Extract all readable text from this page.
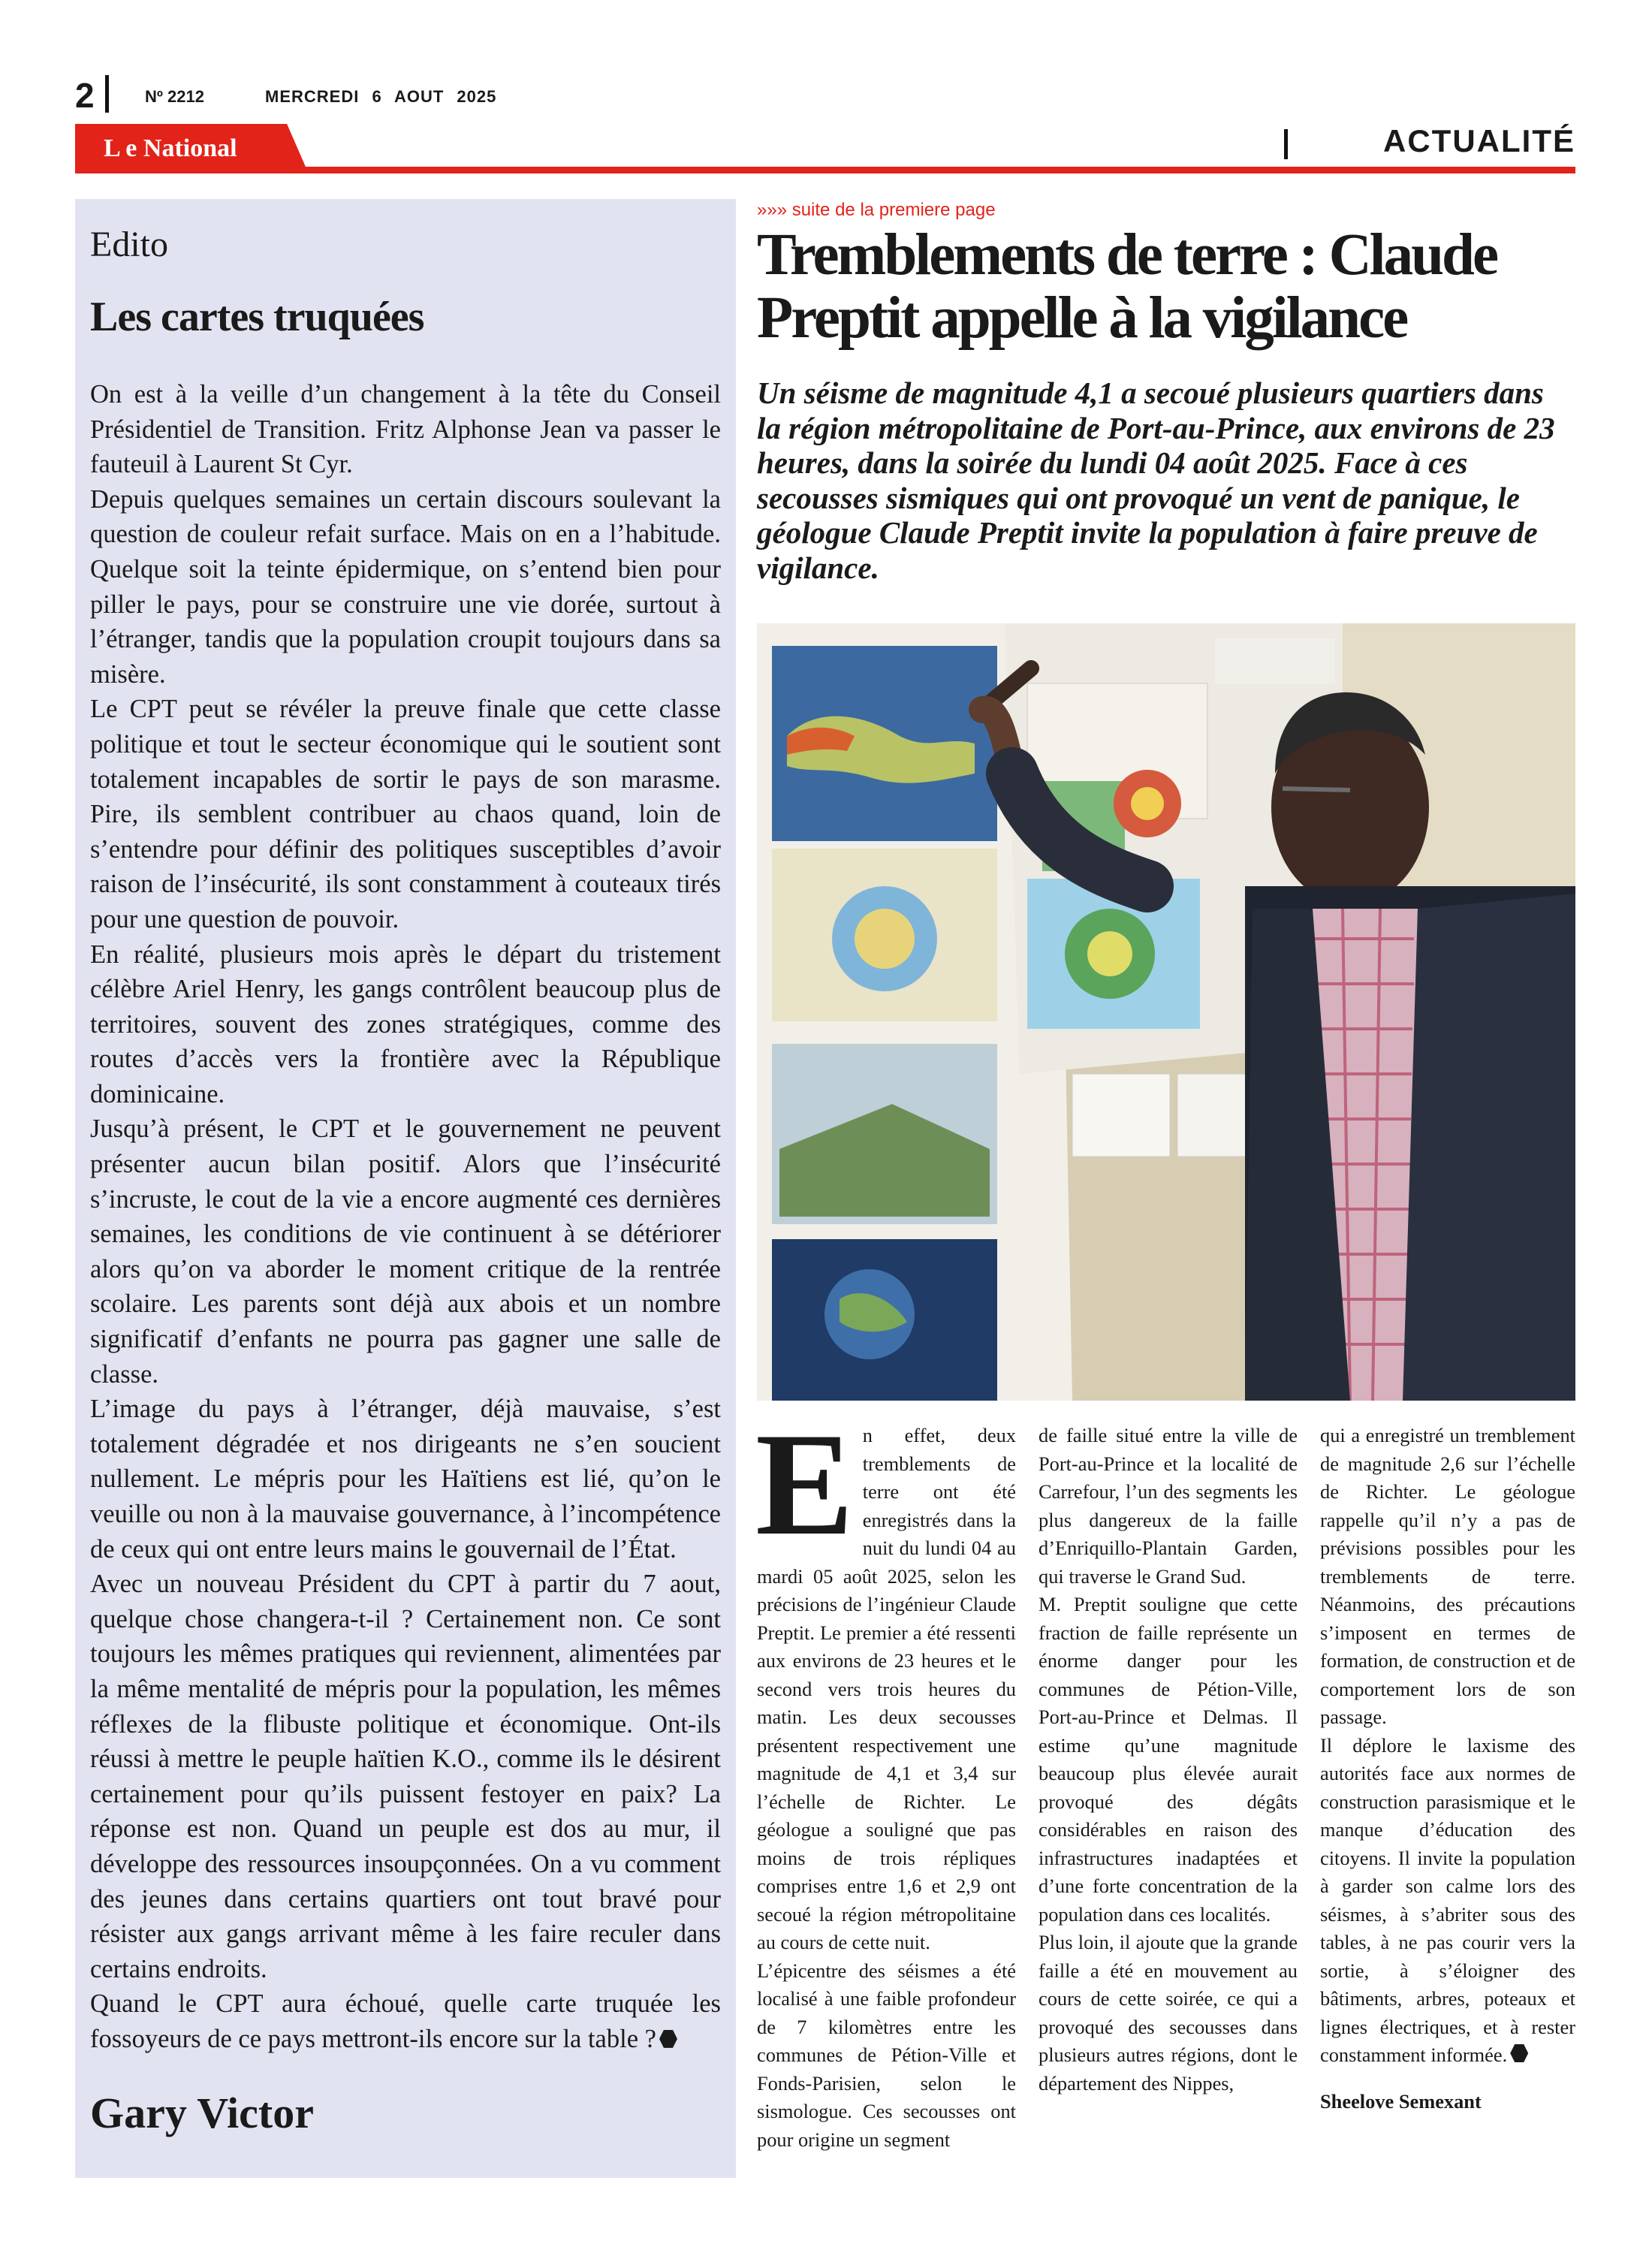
2	Nº 2212	MERCREDI 6 AOUT 2025
L e National	ACTUALITÉ
Edito
Les cartes truquées

On est à la veille d’un changement à la tête du Conseil Présidentiel de Transition. Fritz Alphonse Jean va passer le fauteuil à Laurent St Cyr.

Depuis quelques semaines un certain discours soulevant la question de couleur refait surface. Mais on en a l’habitude. Quelque soit la teinte épidermique, on s’entend bien pour piller le pays, pour se construire une vie dorée, surtout à l’étranger, tandis que la population croupit toujours dans sa misère.

Le CPT peut se révéler la preuve finale que cette classe politique et tout le secteur économique qui le soutient sont totalement incapables de sortir le pays de son marasme. Pire, ils semblent contribuer au chaos quand, loin de s’entendre pour définir des politiques susceptibles d’avoir raison de l’insécurité, ils sont constamment à couteaux tirés pour une question de pouvoir.

En réalité, plusieurs mois après le départ du tristement célèbre Ariel Henry, les gangs contrôlent beaucoup plus de territoires, souvent des zones stratégiques, comme des routes d’accès vers la frontière avec la République dominicaine.

Jusqu’à présent, le CPT et le gouvernement ne peuvent présenter aucun bilan positif. Alors que l’insécurité s’incruste, le cout de la vie a encore augmenté ces dernières semaines, les conditions de vie continuent à se détériorer alors qu’on va aborder le moment critique de la rentrée scolaire. Les parents sont déjà aux abois et un nombre significatif d’enfants ne pourra pas gagner une salle de classe.

L’image du pays à l’étranger, déjà mauvaise, s’est totalement dégradée et nos dirigeants ne s’en soucient nullement. Le mépris pour les Haïtiens est lié, qu’on le veuille ou non à la mauvaise gouvernance, à l’incompétence de ceux qui ont entre leurs mains le gouvernail de l’État.

Avec un nouveau Président du CPT à partir du 7 aout, quelque chose changera-t-il ? Certainement non. Ce sont toujours les mêmes pratiques qui reviennent, alimentées par la même mentalité de mépris pour la population, les mêmes réflexes de la flibuste politique et économique. Ont-ils réussi à mettre le peuple haïtien K.O., comme ils le désirent certainement pour qu’ils puissent festoyer en paix? La réponse est non. Quand un peuple est dos au mur, il développe des ressources insoupçonnées. On a vu comment des jeunes dans certains quartiers ont tout bravé pour résister aux gangs arrivant même à les faire reculer dans certains endroits.

Quand le CPT aura échoué, quelle carte truquée les fossoyeurs de ce pays mettront-ils encore sur la table ?

Gary Victor
»»» suite de la premiere page
Tremblements de terre : Claude Preptit appelle à la vigilance
Un séisme de magnitude 4,1 a secoué plusieurs quartiers dans la région métropolitaine de Port-au-Prince, aux environs de 23 heures, dans la soirée du lundi 04 août 2025. Face à ces secousses sismiques qui ont provoqué un vent de panique, le géologue Claude Preptit invite la population à faire preuve de vigilance.
E n effet, deux tremblements de terre ont été enregistrés dans la nuit du lundi 04 au mardi 05 août 2025, selon les précisions de l’ingénieur Claude Preptit. Le premier a été ressenti aux environs de 23 heures et le second vers trois heures du matin. Les deux secousses présentent respectivement une magnitude de 4,1 et 3,4 sur l’échelle de Richter. Le géologue a souligné que pas moins de trois répliques comprises entre 1,6 et 2,9 ont secoué la région métropolitaine au cours de cette nuit.

L’épicentre des séismes a été localisé à une faible profondeur de 7 kilomètres entre les communes de Pétion-Ville et Fonds-Parisien, selon le sismologue. Ces secousses ont pour origine un segment

de faille situé entre la ville de Port-au-Prince et la localité de Carrefour, l’un des segments les plus dangereux de la faille d’Enriquillo-Plantain Garden, qui traverse le Grand Sud.

M. Preptit souligne que cette fraction de faille représente un énorme danger pour les communes de Pétion-Ville, Port-au-Prince et Delmas. Il estime qu’une magnitude beaucoup plus élevée aurait provoqué des dégâts considérables en raison des infrastructures inadaptées et d’une forte concentration de la population dans ces localités.

Plus loin, il ajoute que la grande faille a été en mouvement au cours de cette soirée, ce qui a provoqué des secousses dans plusieurs autres régions, dont le département des Nippes,

qui a enregistré un tremblement de magnitude 2,6 sur l’échelle de Richter. Le géologue rappelle qu’il n’y a pas de prévisions possibles pour les tremblements de terre. Néanmoins, des précautions s’imposent en termes de formation, de construction et de comportement lors de son passage.

Il déplore le laxisme des autorités face aux normes de construction parasismique et le manque d’éducation des citoyens. Il invite la population à garder son calme lors des séismes, à s’abriter sous des tables, à ne pas courir vers la sortie, à s’éloigner des bâtiments, arbres, poteaux et lignes électriques, et à rester constamment informée.

Sheelove Semexant
